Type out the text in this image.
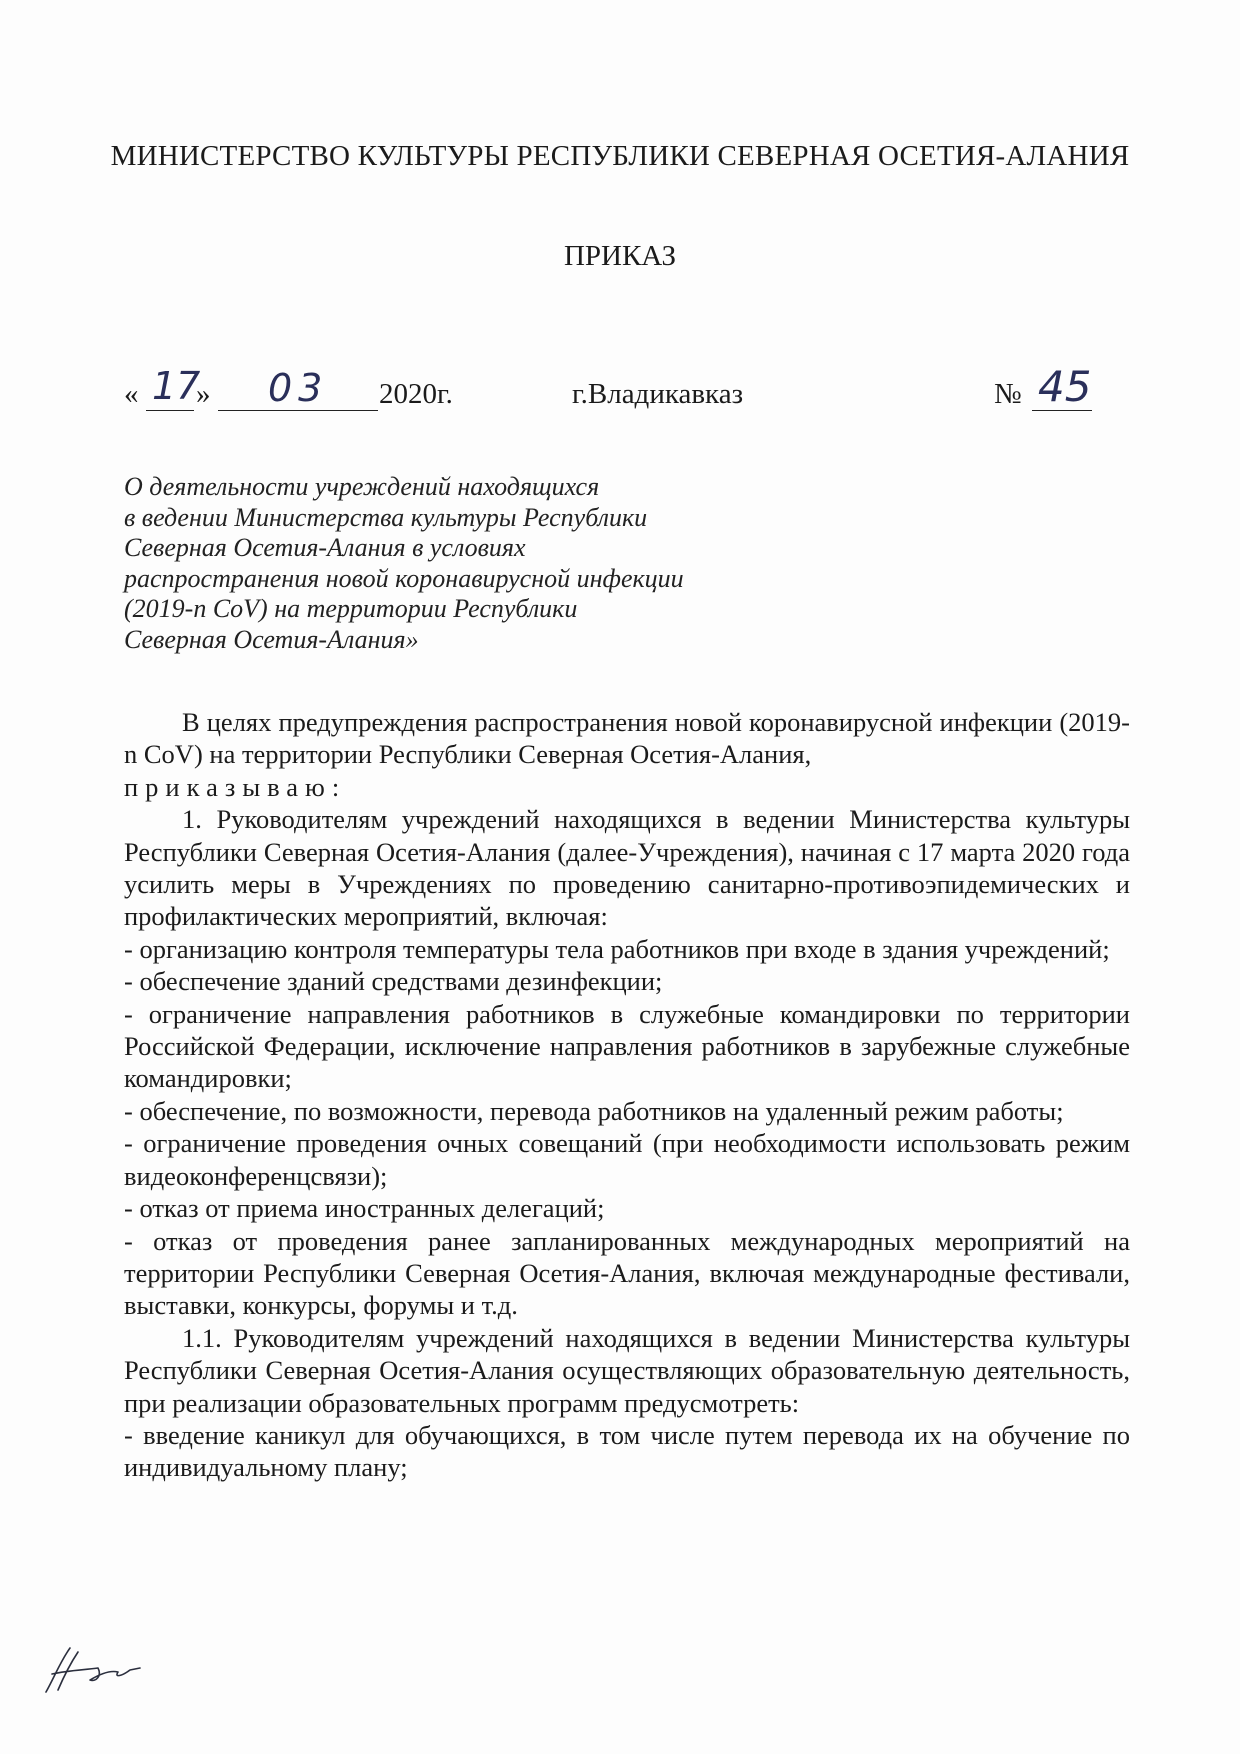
МИНИСТЕРСТВО КУЛЬТУРЫ РЕСПУБЛИКИ СЕВЕРНАЯ ОСЕТИЯ-АЛАНИЯ
ПРИКАЗ
« 17
» 03 2020г.	г.Владикавказ	№ 45
О деятельности учреждений находящихся
в ведении Министерства культуры Республики
Северная Осетия-Алания в условиях
распространения новой коронавирусной инфекции
(2019-n CoV) на территории Республики
Северная Осетия-Алания»

В целях предупреждения распространения новой коронавирусной инфекции (2019-n CoV) на территории Республики Северная Осетия-Алания,

приказываю:

1. Руководителям учреждений находящихся в ведении Министерства культуры Республики Северная Осетия-Алания (далее-Учреждения), начиная с 17 марта 2020 года усилить меры в Учреждениях по проведению санитарно-противоэпидемических и профилактических мероприятий, включая:

- организацию контроля температуры тела работников при входе в здания учреждений;

- обеспечение зданий средствами дезинфекции;

- ограничение направления работников в служебные командировки по территории Российской Федерации, исключение направления работников в зарубежные служебные командировки;

- обеспечение, по возможности, перевода работников на удаленный режим работы;

- ограничение проведения очных совещаний (при необходимости использовать режим видеоконференцсвязи);

- отказ от приема иностранных делегаций;

- отказ от проведения ранее запланированных международных мероприятий на территории Республики Северная Осетия-Алания, включая международные фестивали, выставки, конкурсы, форумы и т.д.

1.1. Руководителям учреждений находящихся в ведении Министерства культуры Республики Северная Осетия-Алания осуществляющих образовательную деятельность, при реализации образовательных программ предусмотреть:

- введение каникул для обучающихся, в том числе путем перевода их на обучение по индивидуальному плану;
